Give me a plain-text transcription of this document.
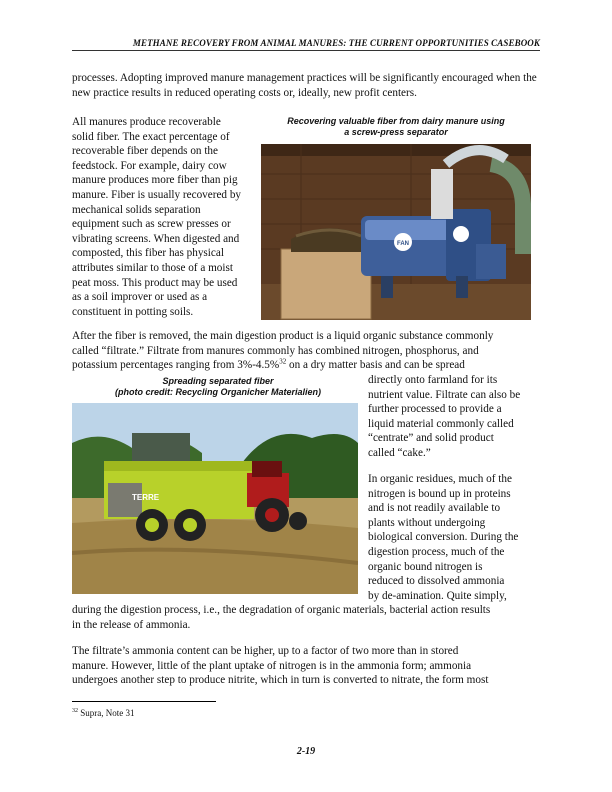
METHANE RECOVERY FROM ANIMAL MANURES: THE CURRENT OPPORTUNITIES CASEBOOK

processes. Adopting improved manure management practices will be significantly encouraged when the new practice results in reduced operating costs or, ideally, new profit centers.

All manures produce recoverable
solid fiber. The exact percentage of
recoverable fiber depends on the
feedstock. For example, dairy cow
manure produces more fiber than pig
manure. Fiber is usually recovered by
mechanical solids separation
equipment such as screw presses or
vibrating screens. When digested and
composted, this fiber has physical
attributes similar to those of a moist
peat moss. This product may be used
as a soil improver or used as a
constituent in potting soils.
Recovering valuable fiber from dairy manure using
a screw-press separator
FAN
After the fiber is removed, the main digestion product is a liquid organic substance commonly
called “filtrate.” Filtrate from manures commonly has combined nitrogen, phosphorus, and
potassium percentages ranging from 3%-4.5%$^{32}$ on a dry matter basis and can be spread
Spreading separated fiber
(photo credit: Recycling Organicher Materialien)
TERRE
directly onto farmland for its
nutrient value. Filtrate can also be
further processed to provide a
liquid material commonly called
“centrate” and solid product
called “cake.”
In organic residues, much of the
nitrogen is bound up in proteins
and is not readily available to
plants without undergoing
biological conversion. During the
digestion process, much of the
organic bound nitrogen is
reduced to dissolved ammonia
by de-amination. Quite simply,
during the digestion process, i.e., the degradation of organic materials, bacterial action results
in the release of ammonia.
The filtrate’s ammonia content can be higher, up to a factor of two more than in stored
manure. However, little of the plant uptake of nitrogen is in the ammonia form; ammonia
undergoes another step to produce nitrite, which in turn is converted to nitrate, the form most
$^{32}$ Supra, Note 31
2-19
